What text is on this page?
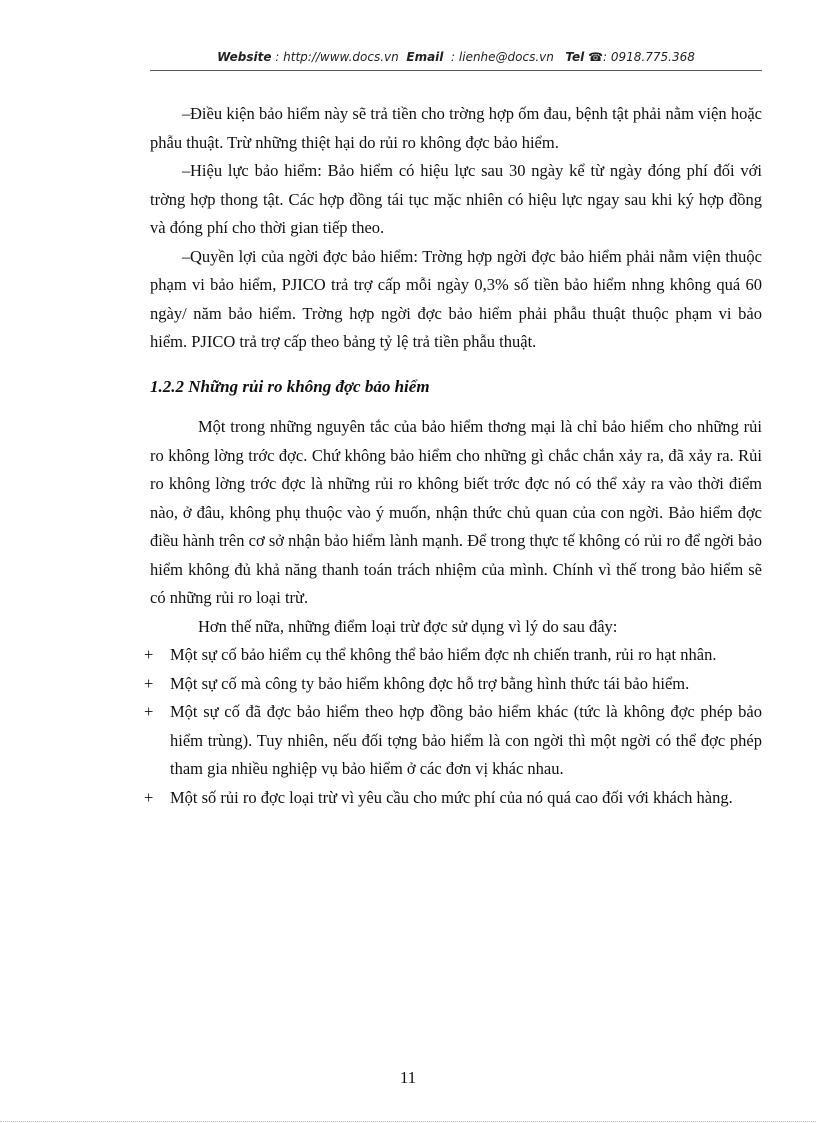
Website : http://www.docs.vn Email : lienhe@docs.vn Tel ☎: 0918.775.368

–Điều kiện bảo hiểm này sẽ trả tiền cho trờng hợp ốm đau, bệnh tật phải nằm viện hoặc phẫu thuật. Trừ những thiệt hại do rủi ro không đợc bảo hiểm.

–Hiệu lực bảo hiểm: Bảo hiểm có hiệu lực sau 30 ngày kể từ ngày đóng phí đối với trờng hợp thong tật. Các hợp đồng tái tục mặc nhiên có hiệu lực ngay sau khi ký hợp đồng và đóng phí cho thời gian tiếp theo.

–Quyền lợi của ngời đợc bảo hiểm: Trờng hợp ngời đợc bảo hiểm phải nằm viện thuộc phạm vi bảo hiểm, PJICO trả trợ cấp mỗi ngày 0,3% số tiền bảo hiểm nhng không quá 60 ngày/ năm bảo hiểm. Trờng hợp ngời đợc bảo hiểm phải phẫu thuật thuộc phạm vi bảo hiểm. PJICO trả trợ cấp theo bảng tỷ lệ trả tiền phẫu thuật.

1.2.2 Những rủi ro không đợc bảo hiểm

Một trong những nguyên tắc của bảo hiểm thơng mại là chỉ bảo hiểm cho những rủi ro không lờng trớc đợc. Chứ không bảo hiểm cho những gì chắc chắn xảy ra, đã xảy ra. Rủi ro không lờng trớc đợc là những rủi ro không biết trớc đợc nó có thể xảy ra vào thời điểm nào, ở đâu, không phụ thuộc vào ý muốn, nhận thức chủ quan của con ngời. Bảo hiểm đợc điều hành trên cơ sở nhận bảo hiểm lành mạnh. Để trong thực tế không có rủi ro để ngời bảo hiểm không đủ khả năng thanh toán trách nhiệm của mình. Chính vì thế trong bảo hiểm sẽ có những rủi ro loại trừ.

Hơn thế nữa, những điểm loại trừ đợc sử dụng vì lý do sau đây:

+ Một sự cố bảo hiểm cụ thể không thể bảo hiểm đợc nh chiến tranh, rủi ro hạt nhân.

+ Một sự cố mà công ty bảo hiểm không đợc hỗ trợ bằng hình thức tái bảo hiểm.

+ Một sự cố đã đợc bảo hiểm theo hợp đồng bảo hiểm khác (tức là không đợc phép bảo hiểm trùng). Tuy nhiên, nếu đối tợng bảo hiểm là con ngời thì một ngời có thể đợc phép tham gia nhiều nghiệp vụ bảo hiểm ở các đơn vị khác nhau.

+ Một số rủi ro đợc loại trừ vì yêu cầu cho mức phí của nó quá cao đối với khách hàng.

11
